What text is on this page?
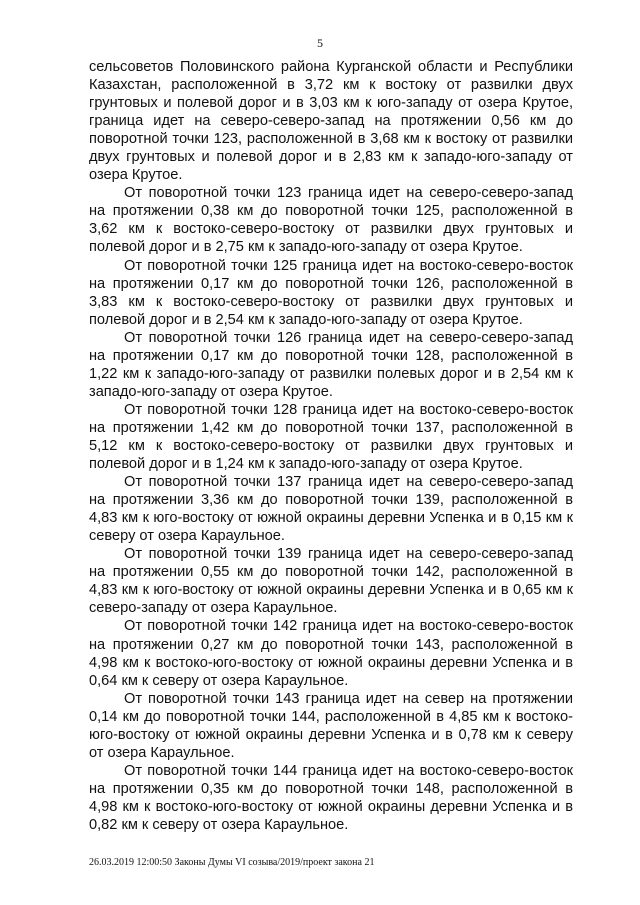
5

сельсоветов Половинского района Курганской области и Республики Казахстан, расположенной в 3,72 км к востоку от развилки двух грунтовых и полевой дорог и в 3,03 км к юго-западу от озера Крутое, граница идет на северо-северо-запад на протяжении 0,56 км до поворотной точки 123, расположенной в 3,68 км к востоку от развилки двух грунтовых и полевой дорог и в 2,83 км к западо-юго-западу от озера Крутое.

От поворотной точки 123 граница идет на северо-северо-запад на протяжении 0,38 км до поворотной точки 125, расположенной в 3,62 км к востоко-северо-востоку от развилки двух грунтовых и полевой дорог и в 2,75 км к западо-юго-западу от озера Крутое.

От поворотной точки 125 граница идет на востоко-северо-восток на протяжении 0,17 км до поворотной точки 126, расположенной в 3,83 км к востоко-северо-востоку от развилки двух грунтовых и полевой дорог и в 2,54 км к западо-юго-западу от озера Крутое.

От поворотной точки 126 граница идет на северо-северо-запад на протяжении 0,17 км до поворотной точки 128, расположенной в 1,22 км к западо-юго-западу от развилки полевых дорог и в 2,54 км к западо-юго-западу от озера Крутое.

От поворотной точки 128 граница идет на востоко-северо-восток на протяжении 1,42 км до поворотной точки 137, расположенной в 5,12 км к востоко-северо-востоку от развилки двух грунтовых и полевой дорог и в 1,24 км к западо-юго-западу от озера Крутое.

От поворотной точки 137 граница идет на северо-северо-запад на протяжении 3,36 км до поворотной точки 139, расположенной в 4,83 км к юго-востоку от южной окраины деревни Успенка и в 0,15 км к северу от озера Караульное.

От поворотной точки 139 граница идет на северо-северо-запад на протяжении 0,55 км до поворотной точки 142, расположенной в 4,83 км к юго-востоку от южной окраины деревни Успенка и в 0,65 км к северо-западу от озера Караульное.

От поворотной точки 142 граница идет на востоко-северо-восток на протяжении 0,27 км до поворотной точки 143, расположенной в 4,98 км к востоко-юго-востоку от южной окраины деревни Успенка и в 0,64 км к северу от озера Караульное.

От поворотной точки 143 граница идет на север на протяжении 0,14 км до поворотной точки 144, расположенной в 4,85 км к востоко-юго-востоку от южной окраины деревни Успенка и в 0,78 км к северу от озера Караульное.

От поворотной точки 144 граница идет на востоко-северо-восток на протяжении 0,35 км до поворотной точки 148, расположенной в 4,98 км к востоко-юго-востоку от южной окраины деревни Успенка и в 0,82 км к северу от озера Караульное.

26.03.2019 12:00:50 Законы Думы VI созыва/2019/проект закона 21
